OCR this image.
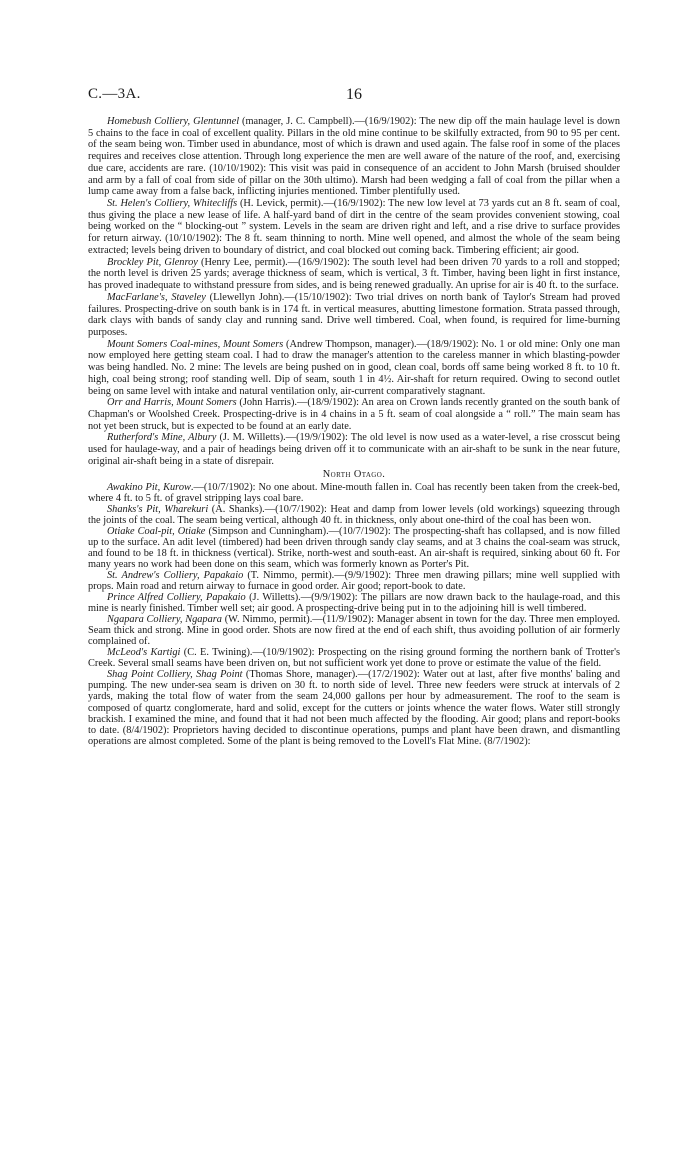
C.—3A.	16

Homebush Colliery, Glentunnel (manager, J. C. Campbell).—(16/9/1902): The new dip off the main haulage level is down 5 chains to the face in coal of excellent quality. Pillars in the old mine continue to be skilfully extracted, from 90 to 95 per cent. of the seam being won. Timber used in abundance, most of which is drawn and used again. The false roof in some of the places requires and receives close attention. Through long experience the men are well aware of the nature of the roof, and, exercising due care, accidents are rare. (10/10/1902): This visit was paid in consequence of an accident to John Marsh (bruised shoulder and arm by a fall of coal from side of pillar on the 30th ultimo). Marsh had been wedging a fall of coal from the pillar when a lump came away from a false back, inflicting injuries mentioned. Timber plentifully used.

St. Helen's Colliery, Whitecliffs (H. Levick, permit).—(16/9/1902): The new low level at 73 yards cut an 8 ft. seam of coal, thus giving the place a new lease of life. A half-yard band of dirt in the centre of the seam provides convenient stowing, coal being worked on the “ blocking-out ” system. Levels in the seam are driven right and left, and a rise drive to surface provides for return airway. (10/10/1902): The 8 ft. seam thinning to north. Mine well opened, and almost the whole of the seam being extracted; levels being driven to boundary of district, and coal blocked out coming back. Timbering efficient; air good.

Brockley Pit, Glenroy (Henry Lee, permit).—(16/9/1902): The south level had been driven 70 yards to a roll and stopped; the north level is driven 25 yards; average thickness of seam, which is vertical, 3 ft. Timber, having been light in first instance, has proved inadequate to withstand pressure from sides, and is being renewed gradually. An uprise for air is 40 ft. to the surface.

MacFarlane's, Staveley (Llewellyn John).—(15/10/1902): Two trial drives on north bank of Taylor's Stream had proved failures. Prospecting-drive on south bank is in 174 ft. in vertical measures, abutting limestone formation. Strata passed through, dark clays with bands of sandy clay and running sand. Drive well timbered. Coal, when found, is required for lime-burning purposes.

Mount Somers Coal-mines, Mount Somers (Andrew Thompson, manager).—(18/9/1902): No. 1 or old mine: Only one man now employed here getting steam coal. I had to draw the manager's attention to the careless manner in which blasting-powder was being handled. No. 2 mine: The levels are being pushed on in good, clean coal, bords off same being worked 8 ft. to 10 ft. high, coal being strong; roof standing well. Dip of seam, south 1 in 4½. Air-shaft for return required. Owing to second outlet being on same level with intake and natural ventilation only, air-current comparatively stagnant.

Orr and Harris, Mount Somers (John Harris).—(18/9/1902): An area on Crown lands recently granted on the south bank of Chapman's or Woolshed Creek. Prospecting-drive is in 4 chains in a 5 ft. seam of coal alongside a “ roll.” The main seam has not yet been struck, but is expected to be found at an early date.

Rutherford's Mine, Albury (J. M. Willetts).—(19/9/1902): The old level is now used as a water-level, a rise crosscut being used for haulage-way, and a pair of headings being driven off it to communicate with an air-shaft to be sunk in the near future, original air-shaft being in a state of disrepair.

North Otago.

Awakino Pit, Kurow.—(10/7/1902): No one about. Mine-mouth fallen in. Coal has recently been taken from the creek-bed, where 4 ft. to 5 ft. of gravel stripping lays coal bare.

Shanks's Pit, Wharekuri (A. Shanks).—(10/7/1902): Heat and damp from lower levels (old workings) squeezing through the joints of the coal. The seam being vertical, although 40 ft. in thickness, only about one-third of the coal has been won.

Otiake Coal-pit, Otiake (Simpson and Cunningham).—(10/7/1902): The prospecting-shaft has collapsed, and is now filled up to the surface. An adit level (timbered) had been driven through sandy clay seams, and at 3 chains the coal-seam was struck, and found to be 18 ft. in thickness (vertical). Strike, north-west and south-east. An air-shaft is required, sinking about 60 ft. For many years no work had been done on this seam, which was formerly known as Porter's Pit.

St. Andrew's Colliery, Papakaio (T. Nimmo, permit).—(9/9/1902): Three men drawing pillars; mine well supplied with props. Main road and return airway to furnace in good order. Air good; report-book to date.

Prince Alfred Colliery, Papakaio (J. Willetts).—(9/9/1902): The pillars are now drawn back to the haulage-road, and this mine is nearly finished. Timber well set; air good. A prospecting-drive being put in to the adjoining hill is well timbered.

Ngapara Colliery, Ngapara (W. Nimmo, permit).—(11/9/1902): Manager absent in town for the day. Three men employed. Seam thick and strong. Mine in good order. Shots are now fired at the end of each shift, thus avoiding pollution of air formerly complained of.

McLeod's Kartigi (C. E. Twining).—(10/9/1902): Prospecting on the rising ground forming the northern bank of Trotter's Creek. Several small seams have been driven on, but not sufficient work yet done to prove or estimate the value of the field.

Shag Point Colliery, Shag Point (Thomas Shore, manager).—(17/2/1902): Water out at last, after five months' baling and pumping. The new under-sea seam is driven on 30 ft. to north side of level. Three new feeders were struck at intervals of 2 yards, making the total flow of water from the seam 24,000 gallons per hour by admeasurement. The roof to the seam is composed of quartz conglomerate, hard and solid, except for the cutters or joints whence the water flows. Water still strongly brackish. I examined the mine, and found that it had not been much affected by the flooding. Air good; plans and report-books to date. (8/4/1902): Proprietors having decided to discontinue operations, pumps and plant have been drawn, and dismantling operations are almost completed. Some of the plant is being removed to the Lovell's Flat Mine. (8/7/1902):
